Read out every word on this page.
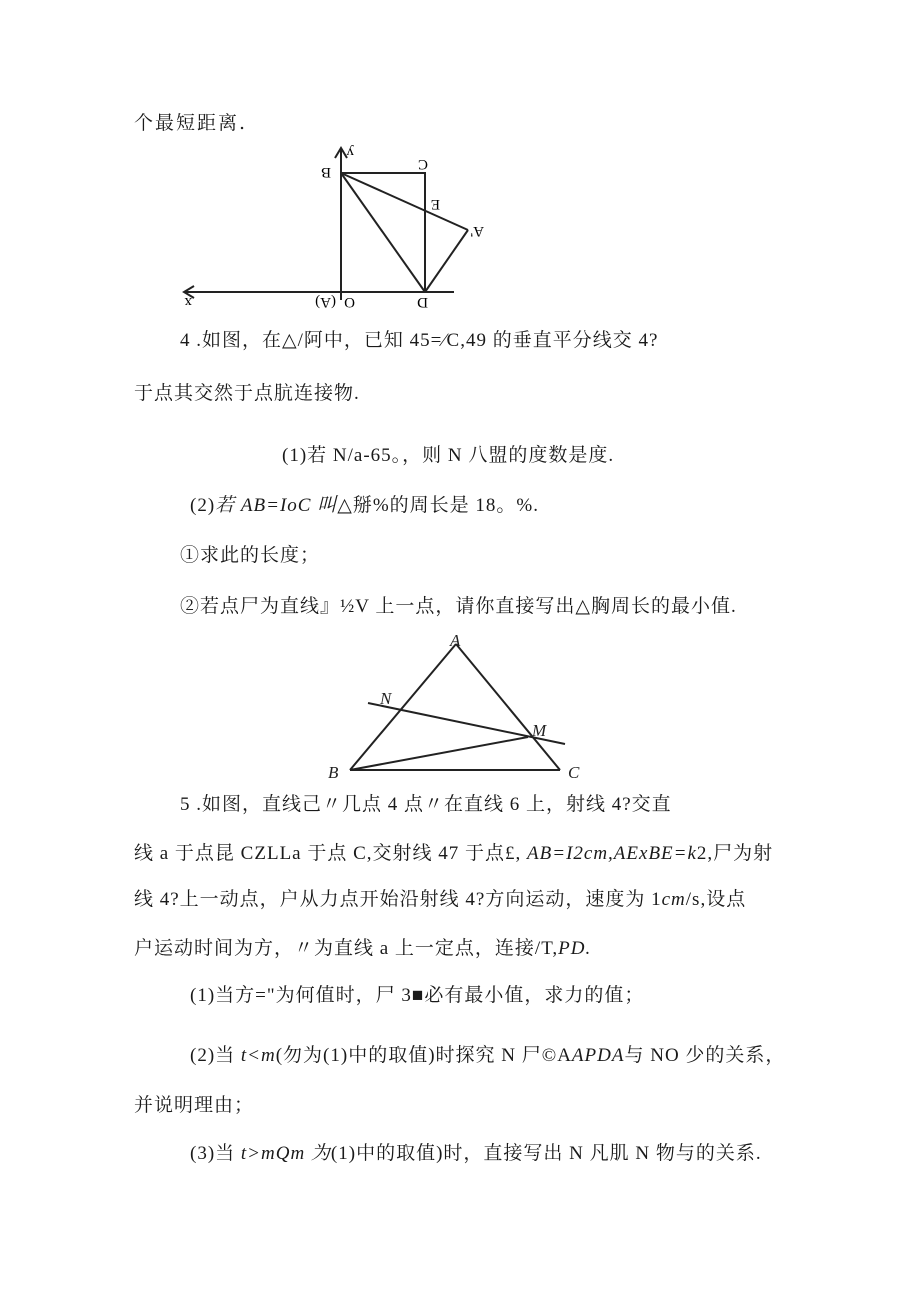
个最短距离.
y
C
B
E
A'
x	(A) O	D
4 .如图，在△/阿中，已知 45=∕C,49 的垂直平分线交 4?
于点其交然于点肮连接物.
(1)若 N/a-65。，则 N 八盟的度数是度.
(2)若 AB=IoC 叫△掰%的周长是 18。%.
①求此的长度；
②若点尸为直线』½V 上一点，请你直接写出△胸周长的最小值.
A
N
M
B	C
5 .如图，直线己〃几点 4 点〃在直线 6 上，射线 4?交直
线 a 于点昆 CZLLa 于点 C,交射线 47 于点£, AB=I2cm,AExBE=k2,尸为射
线 4?上一动点，户从力点开始沿射线 4?方向运动，速度为 1cm/s,设点
户运动时间为方，〃为直线 a 上一定点，连接/T,PD.
(1)当方="为何值时，尸 3■必有最小值，求力的值；
(2)当 t<m(勿为(1)中的取值)时探究 N 尸©AAPDA与 NO 少的关系，
并说明理由；
(3)当 t>mQm 为(1)中的取值)时，直接写出 N 凡肌 N 物与的关系.
